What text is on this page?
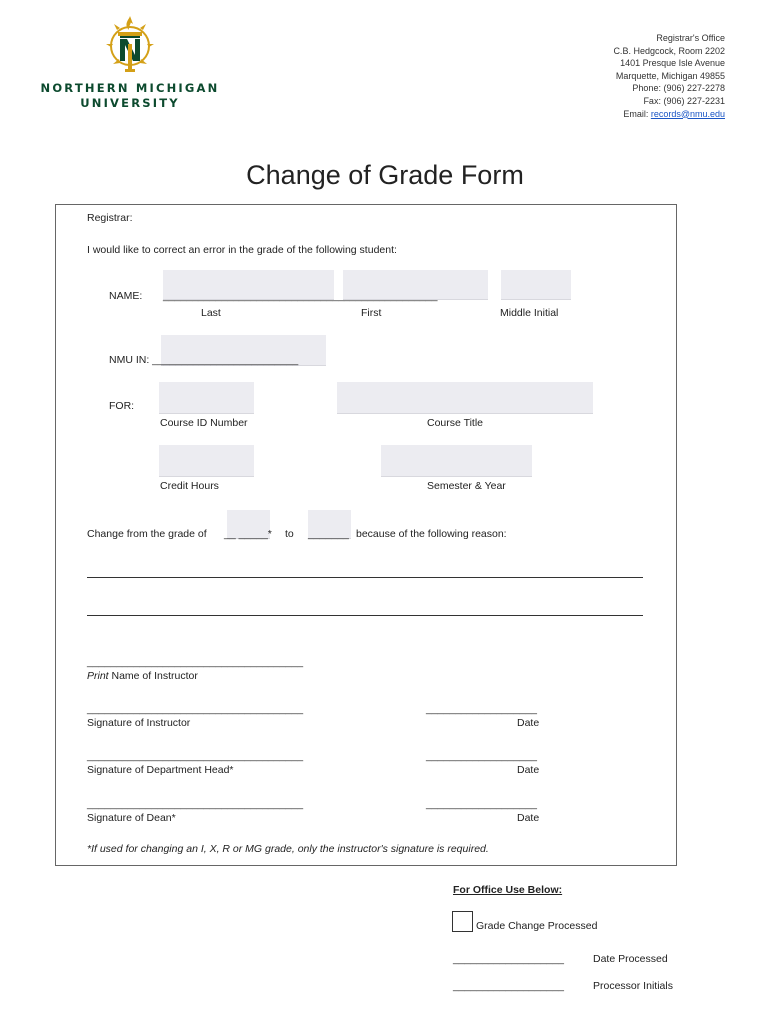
NORTHERN MICHIGAN
UNIVERSITY
Registrar's Office
C.B. Hedgcock, Room 2202
1401 Presque Isle Avenue
Marquette, Michigan 49855
Phone: (906) 227-2278
Fax: (906) 227-2231
Email: records@nmu.edu
Change of Grade Form
Registrar:
I would like to correct an error in the grade of the following student:
NAME: _______________________________________________
Last	First	Middle Initial
NMU IN: _________________________
FOR:
Course ID Number	Course Title
Credit Hours	Semester & Year
Change from the grade of __ _____* to _______ because of the following reason:
_____________________________________
Print Name of Instructor
_____________________________________	___________________
Signature of Instructor	Date
_____________________________________	___________________
Signature of Department Head*	Date
_____________________________________	___________________
Signature of Dean*	Date
*If used for changing an I, X, R or MG grade, only the instructor's signature is required.
For Office Use Below:
Grade Change Processed
___________________	Date Processed
___________________	Processor Initials
